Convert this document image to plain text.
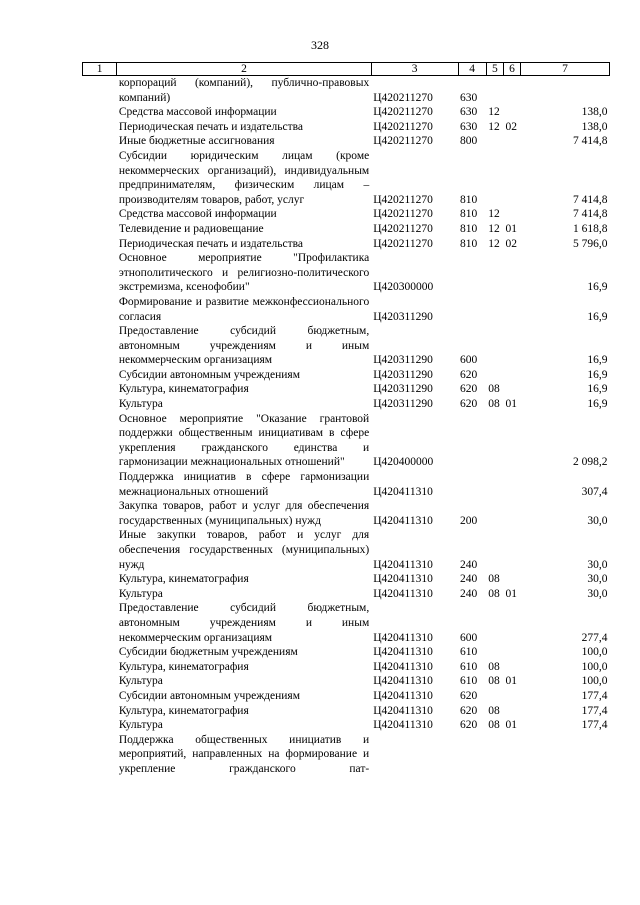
328
1	2	3	4	5	6	7
	корпораций (компаний), публично-правовых компаний)	Ц420211270	630			
	Средства массовой информации	Ц420211270	630	12		138,0
	Периодическая печать и издательства	Ц420211270	630	12	02	138,0
	Иные бюджетные ассигнования	Ц420211270	800			7 414,8
	Субсидии юридическим лицам (кроме некоммерческих организаций), индивидуальным предпринимателям, физическим лицам – производителям товаров, работ, услуг	Ц420211270	810			7 414,8
	Средства массовой информации	Ц420211270	810	12		7 414,8
	Телевидение и радиовещание	Ц420211270	810	12	01	1 618,8
	Периодическая печать и издательства	Ц420211270	810	12	02	5 796,0
	Основное мероприятие "Профилактика этнополитического и религиозно-политического экстремизма, ксенофобии"	Ц420300000				16,9
	Формирование и развитие межконфессионального согласия	Ц420311290				16,9
	Предоставление субсидий бюджетным, автономным учреждениям и иным некоммерческим организациям	Ц420311290	600			16,9
	Субсидии автономным учреждениям	Ц420311290	620			16,9
	Культура, кинематография	Ц420311290	620	08		16,9
	Культура	Ц420311290	620	08	01	16,9
	Основное мероприятие "Оказание грантовой поддержки общественным инициативам в сфере укрепления гражданского единства и гармонизации межнациональных отношений"	Ц420400000				2 098,2
	Поддержка инициатив в сфере гармонизации межнациональных отношений	Ц420411310				307,4
	Закупка товаров, работ и услуг для обеспечения государственных (муниципальных) нужд	Ц420411310	200			30,0
	Иные закупки товаров, работ и услуг для обеспечения государственных (муниципальных) нужд	Ц420411310	240			30,0
	Культура, кинематография	Ц420411310	240	08		30,0
	Культура	Ц420411310	240	08	01	30,0
	Предоставление субсидий бюджетным, автономным учреждениям и иным некоммерческим организациям	Ц420411310	600			277,4
	Субсидии бюджетным учреждениям	Ц420411310	610			100,0
	Культура, кинематография	Ц420411310	610	08		100,0
	Культура	Ц420411310	610	08	01	100,0
	Субсидии автономным учреждениям	Ц420411310	620			177,4
	Культура, кинематография	Ц420411310	620	08		177,4
	Культура	Ц420411310	620	08	01	177,4
	Поддержка общественных инициатив и мероприятий, направленных на формирование и укрепление гражданского пат-					
